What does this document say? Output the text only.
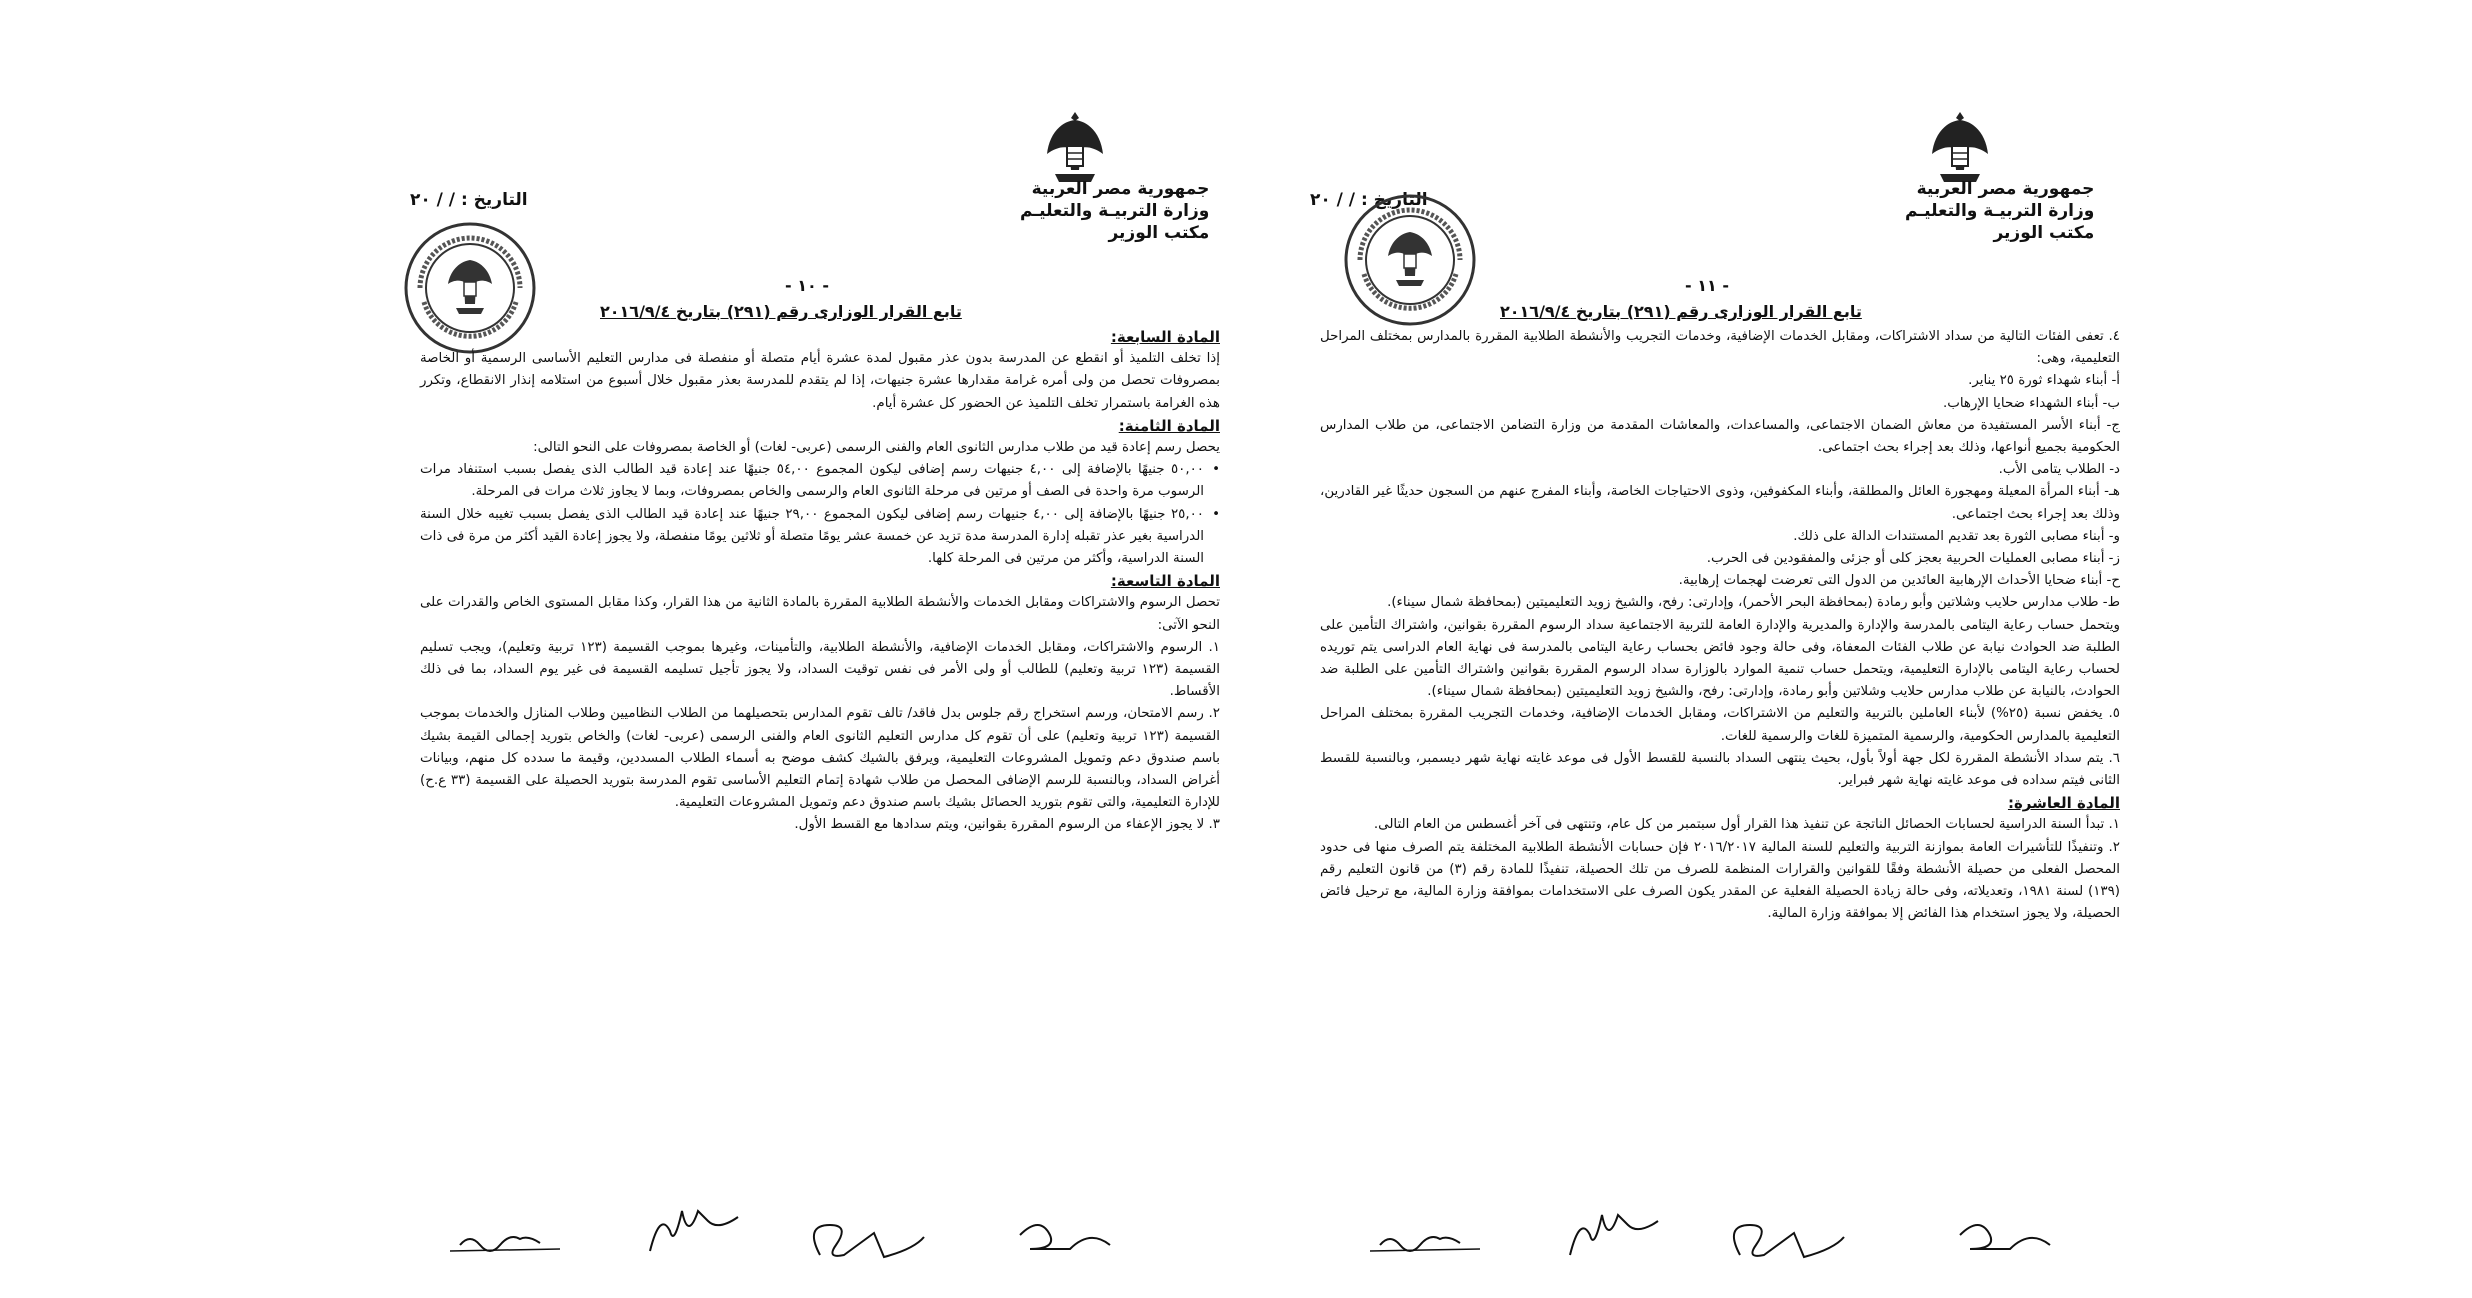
جمهورية مصر العربية
وزارة التربيـة والتعليـم
مكتب الوزير
التاريخ : / / ٢٠
- ١٠ -
تابع القرار الوزارى رقم (٢٩١) بتاريخ ٢٠١٦/٩/٤

المادة السابعة:

إذا تخلف التلميذ أو انقطع عن المدرسة بدون عذر مقبول لمدة عشرة أيام متصلة أو منفصلة فى مدارس التعليم الأساسى الرسمية أو الخاصة بمصروفات تحصل من ولى أمره غرامة مقدارها عشرة جنيهات، إذا لم يتقدم للمدرسة بعذر مقبول خلال أسبوع من استلامه إنذار الانقطاع، وتكرر هذه الغرامة باستمرار تخلف التلميذ عن الحضور كل عشرة أيام.

المادة الثامنة:

يحصل رسم إعادة قيد من طلاب مدارس الثانوى العام والفنى الرسمى (عربى- لغات) أو الخاصة بمصروفات على النحو التالى:

• ٥٠,٠٠ جنيهًا بالإضافة إلى ٤,٠٠ جنيهات رسم إضافى ليكون المجموع ٥٤,٠٠ جنيهًا عند إعادة قيد الطالب الذى يفصل بسبب استنفاد مرات الرسوب مرة واحدة فى الصف أو مرتين فى مرحلة الثانوى العام والرسمى والخاص بمصروفات، وبما لا يجاوز ثلاث مرات فى المرحلة.

• ٢٥,٠٠ جنيهًا بالإضافة إلى ٤,٠٠ جنيهات رسم إضافى ليكون المجموع ٢٩,٠٠ جنيهًا عند إعادة قيد الطالب الذى يفصل بسبب تغيبه خلال السنة الدراسية بغير عذر تقبله إدارة المدرسة مدة تزيد عن خمسة عشر يومًا متصلة أو ثلاثين يومًا منفصلة، ولا يجوز إعادة القيد أكثر من مرة فى ذات السنة الدراسية، وأكثر من مرتين فى المرحلة كلها.

المادة التاسعة:

تحصل الرسوم والاشتراكات ومقابل الخدمات والأنشطة الطلابية المقررة بالمادة الثانية من هذا القرار، وكذا مقابل المستوى الخاص والقدرات على النحو الآتى:

١. الرسوم والاشتراكات، ومقابل الخدمات الإضافية، والأنشطة الطلابية، والتأمينات، وغيرها بموجب القسيمة (١٢٣ تربية وتعليم)، ويجب تسليم القسيمة (١٢٣ تربية وتعليم) للطالب أو ولى الأمر فى نفس توقيت السداد، ولا يجوز تأجيل تسليمه القسيمة فى غير يوم السداد، بما فى ذلك الأقساط.

٢. رسم الامتحان، ورسم استخراج رقم جلوس بدل فاقد/ تالف تقوم المدارس بتحصيلهما من الطلاب النظاميين وطلاب المنازل والخدمات بموجب القسيمة (١٢٣ تربية وتعليم) على أن تقوم كل مدارس التعليم الثانوى العام والفنى الرسمى (عربى- لغات) والخاص بتوريد إجمالى القيمة بشيك باسم صندوق دعم وتمويل المشروعات التعليمية، ويرفق بالشيك كشف موضح به أسماء الطلاب المسددين، وقيمة ما سدده كل منهم، وبيانات أغراض السداد، وبالنسبة للرسم الإضافى المحصل من طلاب شهادة إتمام التعليم الأساسى تقوم المدرسة بتوريد الحصيلة على القسيمة (٣٣ ع.ح) للإدارة التعليمية، والتى تقوم بتوريد الحصائل بشيك باسم صندوق دعم وتمويل المشروعات التعليمية.

٣. لا يجوز الإعفاء من الرسوم المقررة بقوانين، ويتم سدادها مع القسط الأول.

جمهورية مصر العربية
وزارة التربيـة والتعليـم
مكتب الوزير
التاريخ : / / ٢٠
- ١١ -
تابع القرار الوزارى رقم (٢٩١) بتاريخ ٢٠١٦/٩/٤

٤. تعفى الفئات التالية من سداد الاشتراكات، ومقابل الخدمات الإضافية، وخدمات التجريب والأنشطة الطلابية المقررة بالمدارس بمختلف المراحل التعليمية، وهى:

أ- أبناء شهداء ثورة ٢٥ يناير.

ب- أبناء الشهداء ضحايا الإرهاب.

ج- أبناء الأسر المستفيدة من معاش الضمان الاجتماعى، والمساعدات، والمعاشات المقدمة من وزارة التضامن الاجتماعى، من طلاب المدارس الحكومية بجميع أنواعها، وذلك بعد إجراء بحث اجتماعى.

د- الطلاب يتامى الأب.

هـ- أبناء المرأة المعيلة ومهجورة العائل والمطلقة، وأبناء المكفوفين، وذوى الاحتياجات الخاصة، وأبناء المفرج عنهم من السجون حديثًا غير القادرين، وذلك بعد إجراء بحث اجتماعى.

و- أبناء مصابى الثورة بعد تقديم المستندات الدالة على ذلك.

ز- أبناء مصابى العمليات الحربية بعجز كلى أو جزئى والمفقودين فى الحرب.

ح- أبناء ضحايا الأحداث الإرهابية العائدين من الدول التى تعرضت لهجمات إرهابية.

ط- طلاب مدارس حلايب وشلاتين وأبو رمادة (بمحافظة البحر الأحمر)، وإدارتى: رفح، والشيخ زويد التعليميتين (بمحافظة شمال سيناء).

ويتحمل حساب رعاية اليتامى بالمدرسة والإدارة والمديرية والإدارة العامة للتربية الاجتماعية سداد الرسوم المقررة بقوانين، واشتراك التأمين على الطلبة ضد الحوادث نيابة عن طلاب الفئات المعفاة، وفى حالة وجود فائض بحساب رعاية اليتامى بالمدرسة فى نهاية العام الدراسى يتم توريده لحساب رعاية اليتامى بالإدارة التعليمية، ويتحمل حساب تنمية الموارد بالوزارة سداد الرسوم المقررة بقوانين واشتراك التأمين على الطلبة ضد الحوادث، بالنيابة عن طلاب مدارس حلايب وشلاتين وأبو رمادة، وإدارتى: رفح، والشيخ زويد التعليميتين (بمحافظة شمال سيناء).

٥. يخفض نسبة (٢٥%) لأبناء العاملين بالتربية والتعليم من الاشتراكات، ومقابل الخدمات الإضافية، وخدمات التجريب المقررة بمختلف المراحل التعليمية بالمدارس الحكومية، والرسمية المتميزة للغات والرسمية للغات.

٦. يتم سداد الأنشطة المقررة لكل جهة أولاً بأول، بحيث ينتهى السداد بالنسبة للقسط الأول فى موعد غايته نهاية شهر ديسمبر، وبالنسبة للقسط الثانى فيتم سداده فى موعد غايته نهاية شهر فبراير.

المادة العاشرة:

١. تبدأ السنة الدراسية لحسابات الحصائل الناتجة عن تنفيذ هذا القرار أول سبتمبر من كل عام، وتنتهى فى آخر أغسطس من العام التالى.

٢. وتنفيذًا للتأشيرات العامة بموازنة التربية والتعليم للسنة المالية ٢٠١٦/٢٠١٧ فإن حسابات الأنشطة الطلابية المختلفة يتم الصرف منها فى حدود المحصل الفعلى من حصيلة الأنشطة وفقًا للقوانين والقرارات المنظمة للصرف من تلك الحصيلة، تنفيذًا للمادة رقم (٣) من قانون التعليم رقم (١٣٩) لسنة ١٩٨١، وتعديلاته، وفى حالة زيادة الحصيلة الفعلية عن المقدر يكون الصرف على الاستخدامات بموافقة وزارة المالية، مع ترحيل فائض الحصيلة، ولا يجوز استخدام هذا الفائض إلا بموافقة وزارة المالية.
